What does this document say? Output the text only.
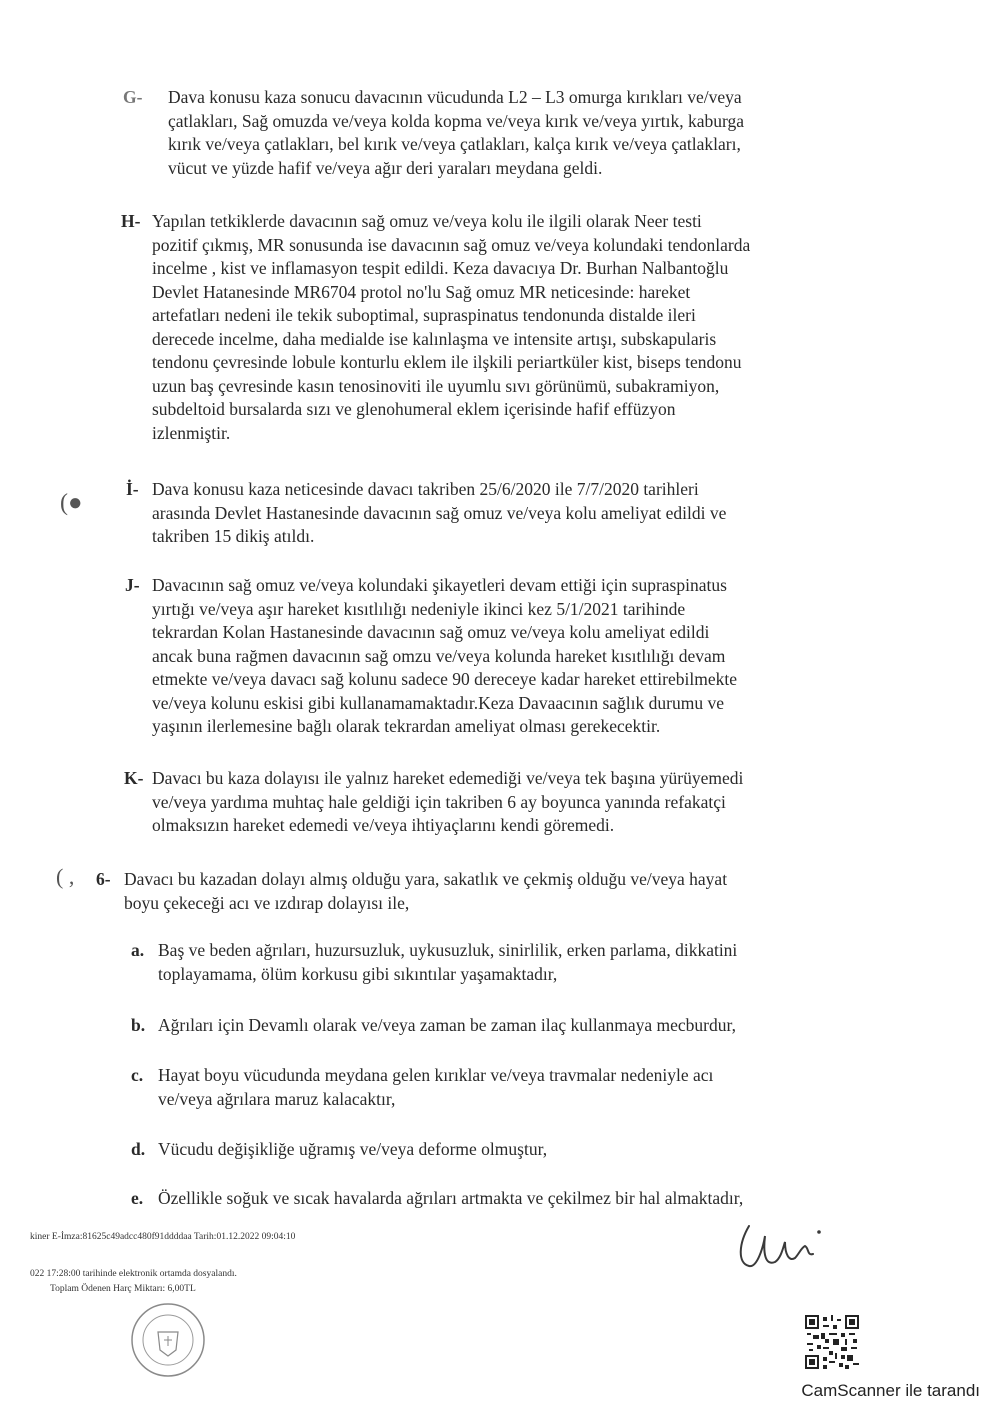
G- Dava konusu kaza sonucu davacının vücudunda L2 – L3 omurga kırıkları ve/veya
çatlakları, Sağ omuzda ve/veya kolda kopma ve/veya kırık ve/veya yırtık, kaburga
kırık ve/veya çatlakları, bel kırık ve/veya çatlakları, kalça kırık ve/veya çatlakları,
vücut ve yüzde hafif ve/veya ağır deri yaraları meydana geldi.
H- Yapılan tetkiklerde davacının sağ omuz ve/veya kolu ile ilgili olarak Neer testi
pozitif çıkmış, MR sonusunda ise davacının sağ omuz ve/veya kolundaki tendonlarda
incelme , kist ve inflamasyon tespit edildi. Keza davacıya Dr. Burhan Nalbantoğlu
Devlet Hatanesinde MR6704 protol no'lu Sağ omuz MR neticesinde: hareket
artefatları nedeni ile tekik suboptimal, supraspinatus tendonunda distalde ileri
derecede incelme, daha medialde ise kalınlaşma ve intensite artışı, subskapularis
tendonu çevresinde lobule konturlu eklem ile ilşkili periartküler kist, biseps tendonu
uzun baş çevresinde kasın tenosinoviti ile uyumlu sıvı görünümü, subakramiyon,
subdeltoid bursalarda sızı ve glenohumeral eklem içerisinde hafif effüzyon
izlenmiştir.
(●
İ- Dava konusu kaza neticesinde davacı takriben 25/6/2020 ile 7/7/2020 tarihleri
arasında Devlet Hastanesinde davacının sağ omuz ve/veya kolu ameliyat edildi ve
takriben 15 dikiş atıldı.
J- Davacının sağ omuz ve/veya kolundaki şikayetleri devam ettiği için supraspinatus
yırtığı ve/veya aşır hareket kısıtlılığı nedeniyle ikinci kez 5/1/2021 tarihinde
tekrardan Kolan Hastanesinde davacının sağ omuz ve/veya kolu ameliyat edildi
ancak buna rağmen davacının sağ omzu ve/veya kolunda hareket kısıtlılığı devam
etmekte ve/veya davacı sağ kolunu sadece 90 dereceye kadar hareket ettirebilmekte
ve/veya kolunu eskisi gibi kullanamamaktadır.Keza Davaacının sağlık durumu ve
yaşının ilerlemesine bağlı olarak tekrardan ameliyat olması gerekecektir.
K- Davacı bu kaza dolayısı ile yalnız hareket edemediği ve/veya tek başına yürüyemedi
ve/veya yardıma muhtaç hale geldiği için takriben 6 ay boyunca yanında refakatçi
olmaksızın hareket edemedi ve/veya ihtiyaçlarını kendi göremedi.
( , 6- Davacı bu kazadan dolayı almış olduğu yara, sakatlık ve çekmiş olduğu ve/veya hayat
boyu çekeceği acı ve ızdırap dolayısı ile,
a. Baş ve beden ağrıları, huzursuzluk, uykusuzluk, sinirlilik, erken parlama, dikkatini
toplayamama, ölüm korkusu gibi sıkıntılar yaşamaktadır,
b. Ağrıları için Devamlı olarak ve/veya zaman be zaman ilaç kullanmaya mecburdur,
c. Hayat boyu vücudunda meydana gelen kırıklar ve/veya travmalar nedeniyle acı
ve/veya ağrılara maruz kalacaktır,
d. Vücudu değişikliğe uğramış ve/veya deforme olmuştur,
e. Özellikle soğuk ve sıcak havalarda ağrıları artmakta ve çekilmez bir hal almaktadır,
kiner E-İmza:81625c49adcc480f91ddddaa Tarih:01.12.2022 09:04:10
022 17:28:00 tarihinde elektronik ortamda dosyalandı.
Toplam Ödenen Harç Miktarı: 6,00TL
CamScanner ile tarandı
